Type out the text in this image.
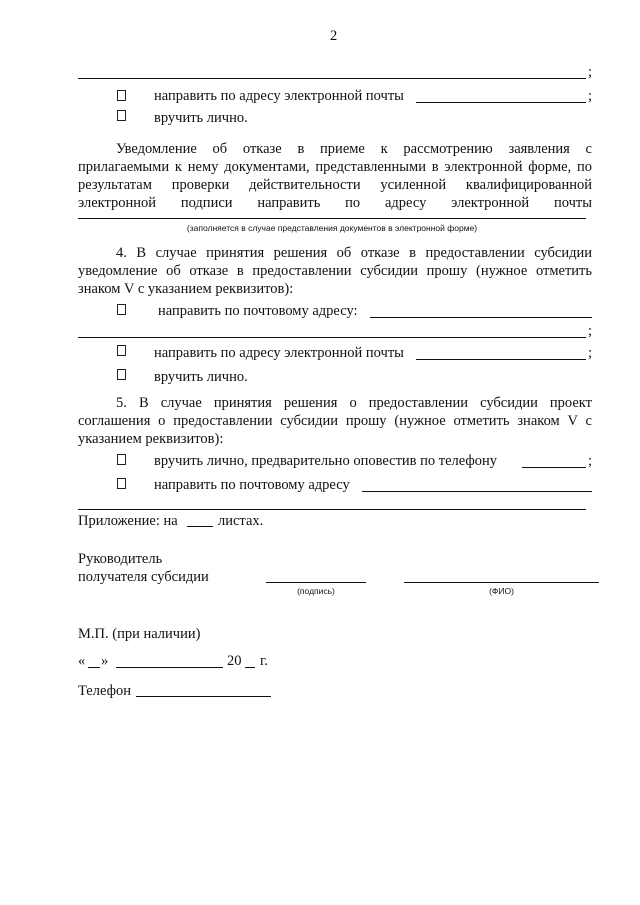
2
;
направить по адресу электронной почты	;
вручить лично.
Уведомление об отказе в приеме к рассмотрению заявления с
прилагаемыми к нему документами, представленными в электронной форме, по
результатам проверки действительности усиленной квалифицированной
электронной подписи направить по адресу электронной почты
(заполняется в случае представления документов в электронной форме)
4. В случае принятия решения об отказе в предоставлении субсидии
уведомление об отказе в предоставлении субсидии прошу (нужное отметить
знаком V с указанием реквизитов):
направить по почтовому адресу:
;
направить по адресу электронной почты	;
вручить лично.
5. В случае принятия решения о предоставлении субсидии проект
соглашения о предоставлении субсидии прошу (нужное отметить знаком V с
указанием реквизитов):
вручить лично, предварительно оповестив по телефону	;
направить по почтовому адресу
Приложение: на	листах.
Руководитель
получателя субсидии
(подпись)	(ФИО)
М.П. (при наличии)
« »	20 г.
Телефон
